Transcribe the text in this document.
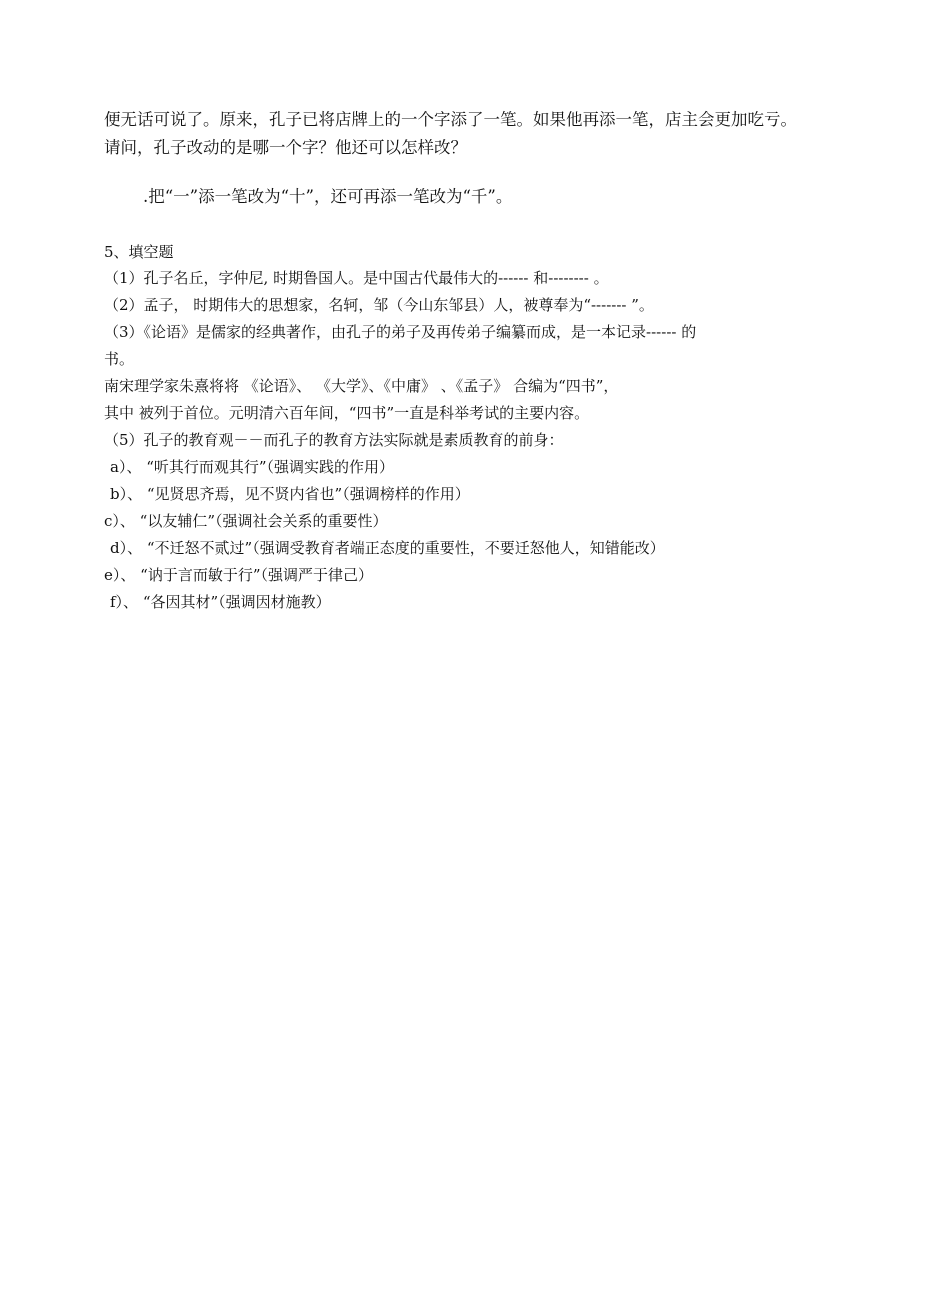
便无话可说了。原来，孔子已将店牌上的一个字添了一笔。如果他再添一笔，店主会更加吃亏。
请问，孔子改动的是哪一个字？他还可以怎样改？
.把“一”添一笔改为“十”，还可再添一笔改为“千”。
5、填空题
（1）孔子名丘，字仲尼, 时期鲁国人。是中国古代最伟大的------ 和-------- 。
（2）孟子， 时期伟大的思想家，名轲，邹（今山东邹县）人，被尊奉为“------- ”。
（3）《论语》是儒家的经典著作，由孔子的弟子及再传弟子编纂而成，是一本记录------ 的
书。
南宋理学家朱熹将将 《论语》、 《大学》、《中庸》 、《孟子》 合编为“四书”，
其中 被列于首位。元明清六百年间，“四书”一直是科举考试的主要内容。
（5）孔子的教育观－－而孔子的教育方法实际就是素质教育的前身：
a）、 “听其行而观其行”（强调实践的作用）
b）、 “见贤思齐焉，见不贤内省也”（强调榜样的作用）
c）、 “以友辅仁”（强调社会关系的重要性）
d）、 “不迁怒不贰过”（强调受教育者端正态度的重要性，不要迁怒他人，知错能改）
e）、 “讷于言而敏于行”（强调严于律己）
f）、 “各因其材”（强调因材施教）
